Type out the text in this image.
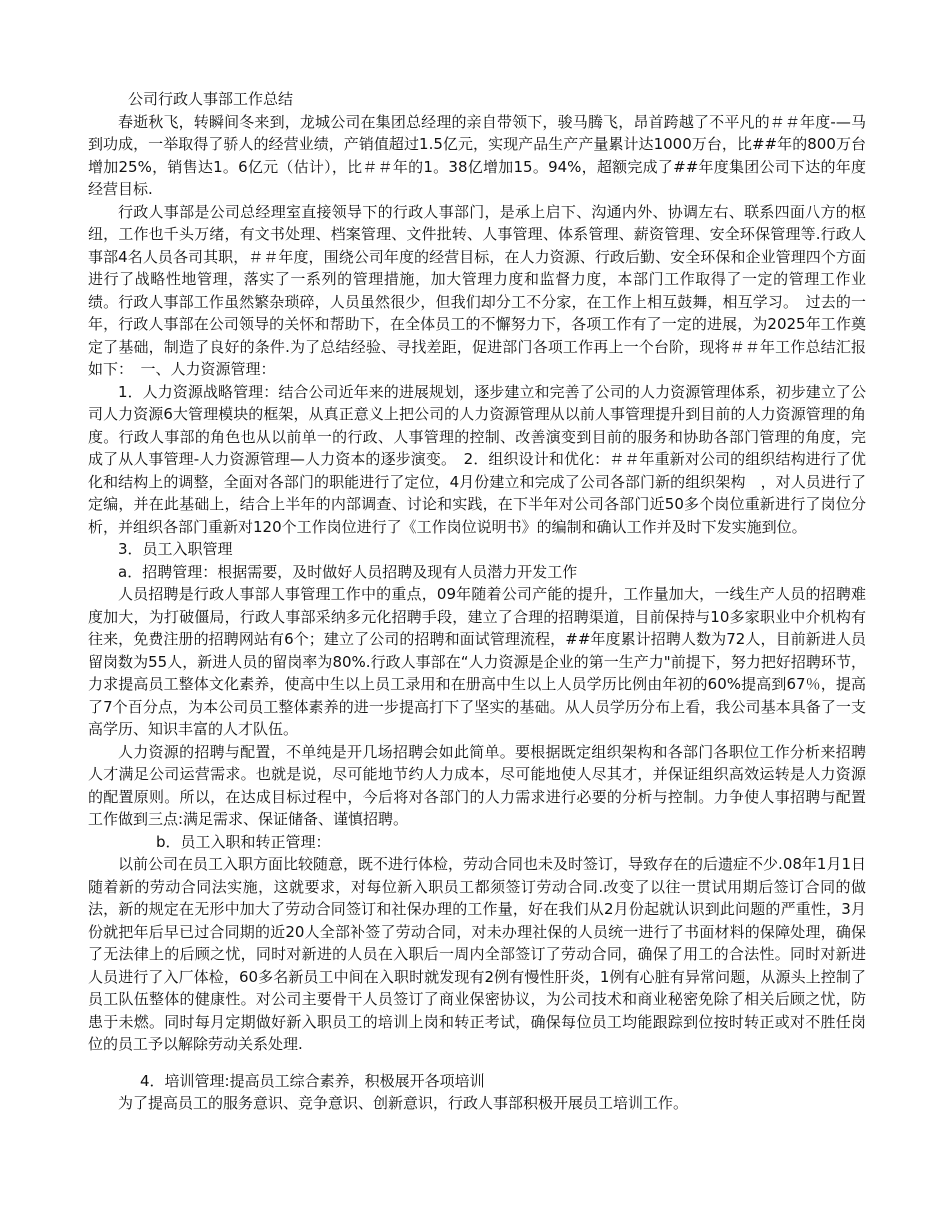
公司行政人事部工作总结

春逝秋飞，转瞬间冬来到，龙城公司在集团总经理的亲自带领下，骏马腾飞，昂首跨越了不平凡的＃＃年度-—马到功成，一举取得了骄人的经营业绩，产销值超过1.5亿元，实现产品生产产量累计达1000万台，比##年的800万台增加25%，销售达1。6亿元（估计），比＃＃年的1。38亿增加15。94%，超额完成了##年度集团公司下达的年度经营目标.

行政人事部是公司总经理室直接领导下的行政人事部门，是承上启下、沟通内外、协调左右、联系四面八方的枢纽，工作也千头万绪，有文书处理、档案管理、文件批转、人事管理、体系管理、薪资管理、安全环保管理等.行政人事部4名人员各司其职，＃＃年度，围绕公司年度的经营目标，在人力资源、行政后勤、安全环保和企业管理四个方面进行了战略性地管理，落实了一系列的管理措施，加大管理力度和监督力度，本部门工作取得了一定的管理工作业绩。行政人事部工作虽然繁杂琐碎，人员虽然很少，但我们却分工不分家，在工作上相互鼓舞，相互学习。　过去的一年，行政人事部在公司领导的关怀和帮助下，在全体员工的不懈努力下，各项工作有了一定的进展，为2025年工作奠定了基础，制造了良好的条件.为了总结经验、寻找差距，促进部门各项工作再上一个台阶，现将＃＃年工作总结汇报如下：　一、人力资源管理：

1．人力资源战略管理：结合公司近年来的进展规划，逐步建立和完善了公司的人力资源管理体系，初步建立了公司人力资源6大管理模块的框架，从真正意义上把公司的人力资源管理从以前人事管理提升到目前的人力资源管理的角度。行政人事部的角色也从以前单一的行政、人事管理的控制、改善演变到目前的服务和协助各部门管理的角度，完成了从人事管理-人力资源管理—人力资本的逐步演变。　2．组织设计和优化：＃＃年重新对公司的组织结构进行了优化和结构上的调整，全面对各部门的职能进行了定位，4月份建立和完成了公司各部门新的组织架构　，对人员进行了定编，并在此基础上，结合上半年的内部调查、讨论和实践，在下半年对公司各部门近50多个岗位重新进行了岗位分析，并组织各部门重新对120个工作岗位进行了《工作岗位说明书》的编制和确认工作并及时下发实施到位。

3．员工入职管理

a．招聘管理：根据需要，及时做好人员招聘及现有人员潜力开发工作

人员招聘是行政人事部人事管理工作中的重点，09年随着公司产能的提升，工作量加大，一线生产人员的招聘难度加大，为打破僵局，行政人事部采纳多元化招聘手段，建立了合理的招聘渠道，目前保持与10多家职业中介机构有往来，免费注册的招聘网站有6个；建立了公司的招聘和面试管理流程，##年度累计招聘人数为72人，目前新进人员留岗数为55人，新进人员的留岗率为80%.行政人事部在“人力资源是企业的第一生产力"前提下，努力把好招聘环节，力求提高员工整体文化素养，使高中生以上员工录用和在册高中生以上人员学历比例由年初的60%提高到67％，提高了7个百分点，为本公司员工整体素养的进一步提高打下了坚实的基础。从人员学历分布上看，我公司基本具备了一支高学历、知识丰富的人才队伍。

人力资源的招聘与配置，不单纯是开几场招聘会如此简单。要根据既定组织架构和各部门各职位工作分析来招聘人才满足公司运营需求。也就是说，尽可能地节约人力成本，尽可能地使人尽其才，并保证组织高效运转是人力资源的配置原则。所以，在达成目标过程中，今后将对各部门的人力需求进行必要的分析与控制。力争使人事招聘与配置工作做到三点:满足需求、保证储备、谨慎招聘。

b．员工入职和转正管理：

以前公司在员工入职方面比较随意，既不进行体检，劳动合同也未及时签订，导致存在的后遗症不少.08年1月1日随着新的劳动合同法实施，这就要求，对每位新入职员工都须签订劳动合同.改变了以往一贯试用期后签订合同的做法，新的规定在无形中加大了劳动合同签订和社保办理的工作量，好在我们从2月份起就认识到此问题的严重性，3月份就把年后早已过合同期的近20人全部补签了劳动合同，对未办理社保的人员统一进行了书面材料的保障处理，确保了无法律上的后顾之忧，同时对新进的人员在入职后一周内全部签订了劳动合同，确保了用工的合法性。同时对新进人员进行了入厂体检，60多名新员工中间在入职时就发现有2例有慢性肝炎，1例有心脏有异常问题，从源头上控制了员工队伍整体的健康性。对公司主要骨干人员签订了商业保密协议，为公司技术和商业秘密免除了相关后顾之忧，防患于未燃。同时每月定期做好新入职员工的培训上岗和转正考试，确保每位员工均能跟踪到位按时转正或对不胜任岗位的员工予以解除劳动关系处理.

4．培训管理:提高员工综合素养，积极展开各项培训

为了提高员工的服务意识、竞争意识、创新意识，行政人事部积极开展员工培训工作。
